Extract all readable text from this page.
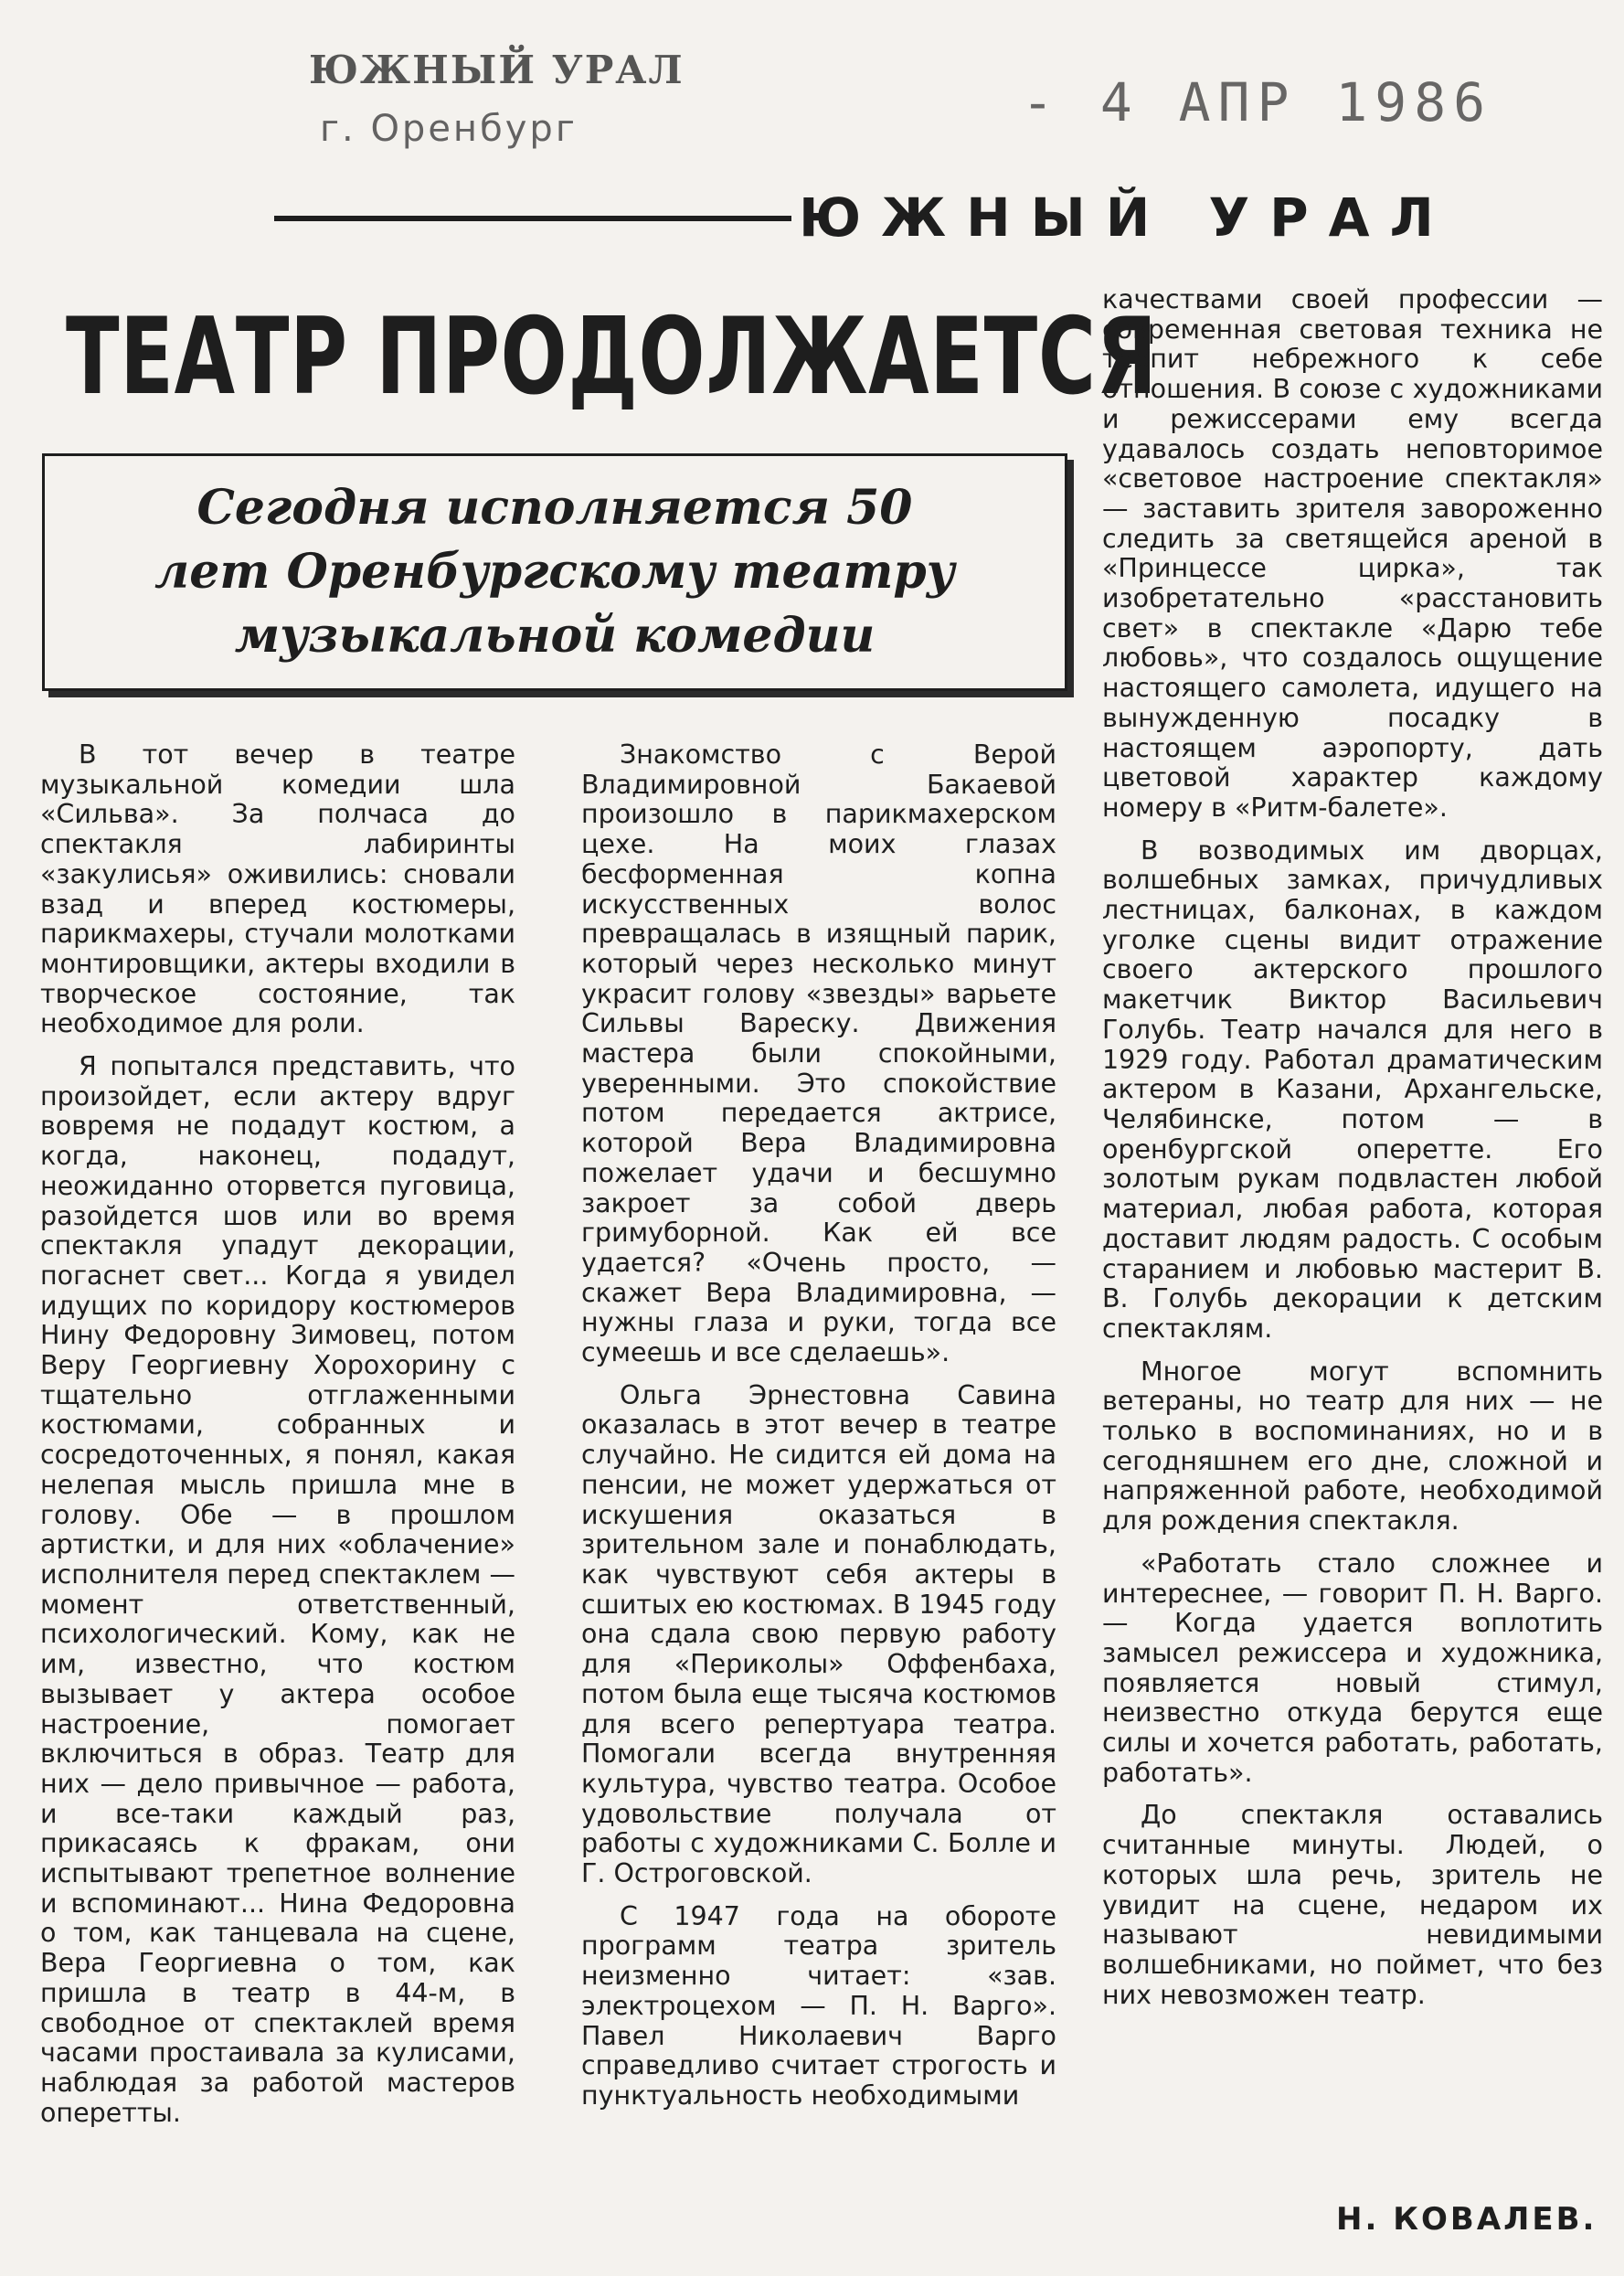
ЮЖНЫЙ УРАЛ
г. Оренбург	- 4 АПР 1986
ЮЖНЫЙ УРАЛ
ТЕАТР ПРОДОЛЖАЕТСЯ
Сегодня исполняется 50 лет Оренбургскому театру музыкальной комедии

В тот вечер в театре музыкальной комедии шла «Сильва». За полчаса до спектакля лабиринты «закулисья» оживились: сновали взад и вперед костюмеры, парикмахеры, стучали молотками монтировщики, актеры входили в творческое состояние, так необходимое для роли.

Я попытался представить, что произойдет, если актеру вдруг вовремя не подадут костюм, а когда, наконец, подадут, неожиданно оторвется пуговица, разойдется шов или во время спектакля упадут декорации, погаснет свет... Когда я увидел идущих по коридору костюмеров Нину Федоровну Зимовец, потом Веру Георгиевну Хорохорину с тщательно отглаженными костюмами, собранных и сосредоточенных, я понял, какая нелепая мысль пришла мне в голову. Обе — в прошлом артистки, и для них «облачение» исполнителя перед спектаклем — момент ответственный, психологический. Кому, как не им, известно, что костюм вызывает у актера особое настроение, помогает включиться в образ. Театр для них — дело привычное — работа, и все-таки каждый раз, прикасаясь к фракам, они испытывают трепетное волнение и вспоминают... Нина Федоровна о том, как танцевала на сцене, Вера Георгиевна о том, как пришла в театр в 44-м, в свободное от спектаклей время часами простаивала за кулисами, наблюдая за работой мастеров оперетты.

Знакомство с Верой Владимировной Бакаевой произошло в парикмахерском цехе. На моих глазах бесформенная копна искусственных волос превращалась в изящный парик, который через несколько минут украсит голову «звезды» варьете Сильвы Вареску. Движения мастера были спокойными, уверенными. Это спокойствие потом передается актрисе, которой Вера Владимировна пожелает удачи и бесшумно закроет за собой дверь гримуборной. Как ей все удается? «Очень просто, — скажет Вера Владимировна, — нужны глаза и руки, тогда все сумеешь и все сделаешь».

Ольга Эрнестовна Савина оказалась в этот вечер в театре случайно. Не сидится ей дома на пенсии, не может удержаться от искушения оказаться в зрительном зале и понаблюдать, как чувствуют себя актеры в сшитых ею костюмах. В 1945 году она сдала свою первую работу для «Периколы» Оффенбаха, потом была еще тысяча костюмов для всего репертуара театра. Помогали всегда внутренняя культура, чувство театра. Особое удовольствие получала от работы с художниками С. Болле и Г. Остроговской.

С 1947 года на обороте программ театра зритель неизменно читает: «зав. электроцехом — П. Н. Варго». Павел Николаевич Варго справедливо считает строгость и пунктуальность необходимыми

качествами своей профессии — современная световая техника не терпит небрежного к себе отношения. В союзе с художниками и режиссерами ему всегда удавалось создать неповторимое «световое настроение спектакля» — заставить зрителя завороженно следить за светящейся ареной в «Принцессе цирка», так изобретательно «расстановить свет» в спектакле «Дарю тебе любовь», что создалось ощущение настоящего самолета, идущего на вынужденную посадку в настоящем аэропорту, дать цветовой характер каждому номеру в «Ритм-балете».

В возводимых им дворцах, волшебных замках, причудливых лестницах, балконах, в каждом уголке сцены видит отражение своего актерского прошлого макетчик Виктор Васильевич Голубь. Театр начался для него в 1929 году. Работал драматическим актером в Казани, Архангельске, Челябинске, потом — в оренбургской оперетте. Его золотым рукам подвластен любой материал, любая работа, которая доставит людям радость. С особым старанием и любовью мастерит В. В. Голубь декорации к детским спектаклям.

Многое могут вспомнить ветераны, но театр для них — не только в воспоминаниях, но и в сегодняшнем его дне, сложной и напряженной работе, необходимой для рождения спектакля.

«Работать стало сложнее и интереснее, — говорит П. Н. Варго. — Когда удается воплотить замысел режиссера и художника, появляется новый стимул, неизвестно откуда берутся еще силы и хочется работать, работать, работать».

До спектакля оставались считанные минуты. Людей, о которых шла речь, зритель не увидит на сцене, недаром их называют невидимыми волшебниками, но поймет, что без них невозможен театр.

Н. КОВАЛЕВ.
